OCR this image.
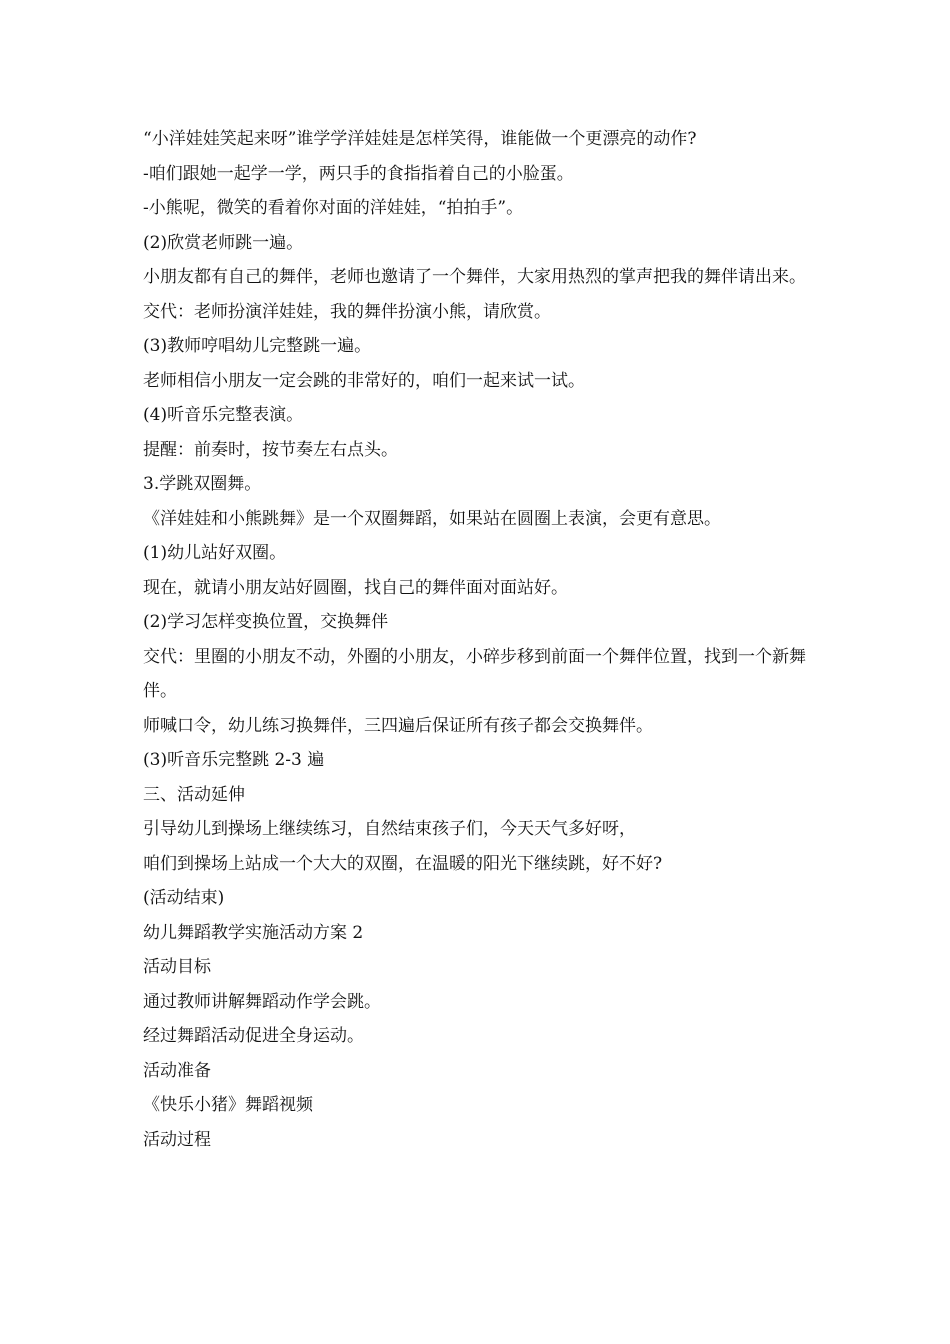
“小洋娃娃笑起来呀”谁学学洋娃娃是怎样笑得，谁能做一个更漂亮的动作?

-咱们跟她一起学一学，两只手的食指指着自己的小脸蛋。

-小熊呢，微笑的看着你对面的洋娃娃，“拍拍手”。

(2)欣赏老师跳一遍。

小朋友都有自己的舞伴，老师也邀请了一个舞伴，大家用热烈的掌声把我的舞伴请出来。

交代：老师扮演洋娃娃，我的舞伴扮演小熊，请欣赏。

(3)教师哼唱幼儿完整跳一遍。

老师相信小朋友一定会跳的非常好的，咱们一起来试一试。

(4)听音乐完整表演。

提醒：前奏时，按节奏左右点头。

3.学跳双圈舞。

《洋娃娃和小熊跳舞》是一个双圈舞蹈，如果站在圆圈上表演，会更有意思。

(1)幼儿站好双圈。

现在，就请小朋友站好圆圈，找自己的舞伴面对面站好。

(2)学习怎样变换位置，交换舞伴

交代：里圈的小朋友不动，外圈的小朋友，小碎步移到前面一个舞伴位置，找到一个新舞伴。

师喊口令，幼儿练习换舞伴，三四遍后保证所有孩子都会交换舞伴。

(3)听音乐完整跳 2-3 遍

三、活动延伸

引导幼儿到操场上继续练习，自然结束孩子们，今天天气多好呀，

咱们到操场上站成一个大大的双圈，在温暖的阳光下继续跳，好不好?

(活动结束)

幼儿舞蹈教学实施活动方案 2

活动目标

通过教师讲解舞蹈动作学会跳。

经过舞蹈活动促进全身运动。

活动准备

《快乐小猪》舞蹈视频

活动过程
